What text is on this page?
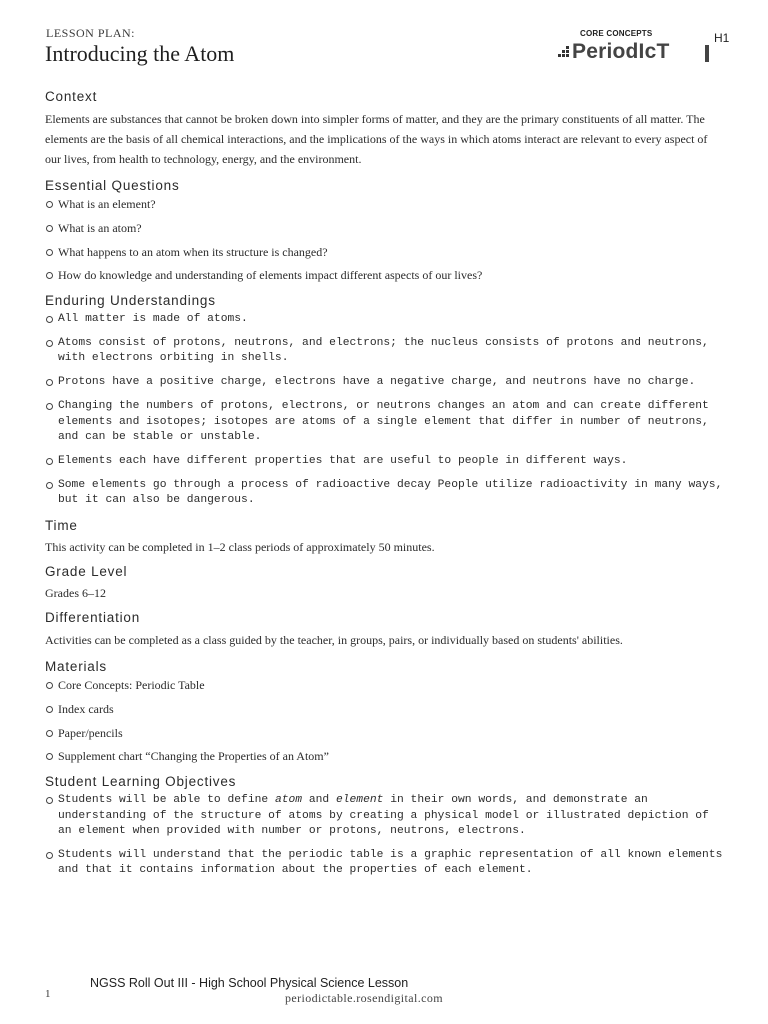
LESSON PLAN:
Introducing the Atom
CORE CONCEPTS
PeriodIcT
H1
Context

Elements are substances that cannot be broken down into simpler forms of matter, and they are the primary constituents of all matter. The elements are the basis of all chemical interactions, and the implications of the ways in which atoms interact are relevant to every aspect of our lives, from health to technology, energy, and the environment.

Essential Questions
What is an element?
What is an atom?
What happens to an atom when its structure is changed?
How do knowledge and understanding of elements impact different aspects of our lives?
Enduring Understandings
All matter is made of atoms.
Atoms consist of protons, neutrons, and electrons; the nucleus consists of protons and neutrons, with electrons orbiting in shells.
Protons have a positive charge, electrons have a negative charge, and neutrons have no charge.
Changing the numbers of protons, electrons, or neutrons changes an atom and can create different elements and isotopes; isotopes are atoms of a single element that differ in number of neutrons, and can be stable or unstable.
Elements each have different properties that are useful to people in different ways.
Some elements go through a process of radioactive decay People utilize radioactivity in many ways, but it can also be dangerous.
Time

This activity can be completed in 1–2 class periods of approximately 50 minutes.

Grade Level

Grades 6–12

Differentiation

Activities can be completed as a class guided by the teacher, in groups, pairs, or individually based on students' abilities.

Materials
Core Concepts: Periodic Table
Index cards
Paper/pencils
Supplement chart “Changing the Properties of an Atom”
Student Learning Objectives
Students will be able to define atom and element in their own words, and demonstrate an understanding of the structure of atoms by creating a physical model or illustrated depiction of an element when provided with number or protons, neutrons, electrons.
Students will understand that the periodic table is a graphic representation of all known elements and that it contains information about the properties of each element.
NGSS Roll Out III - High School Physical Science Lesson
1	periodictable.rosendigital.com
